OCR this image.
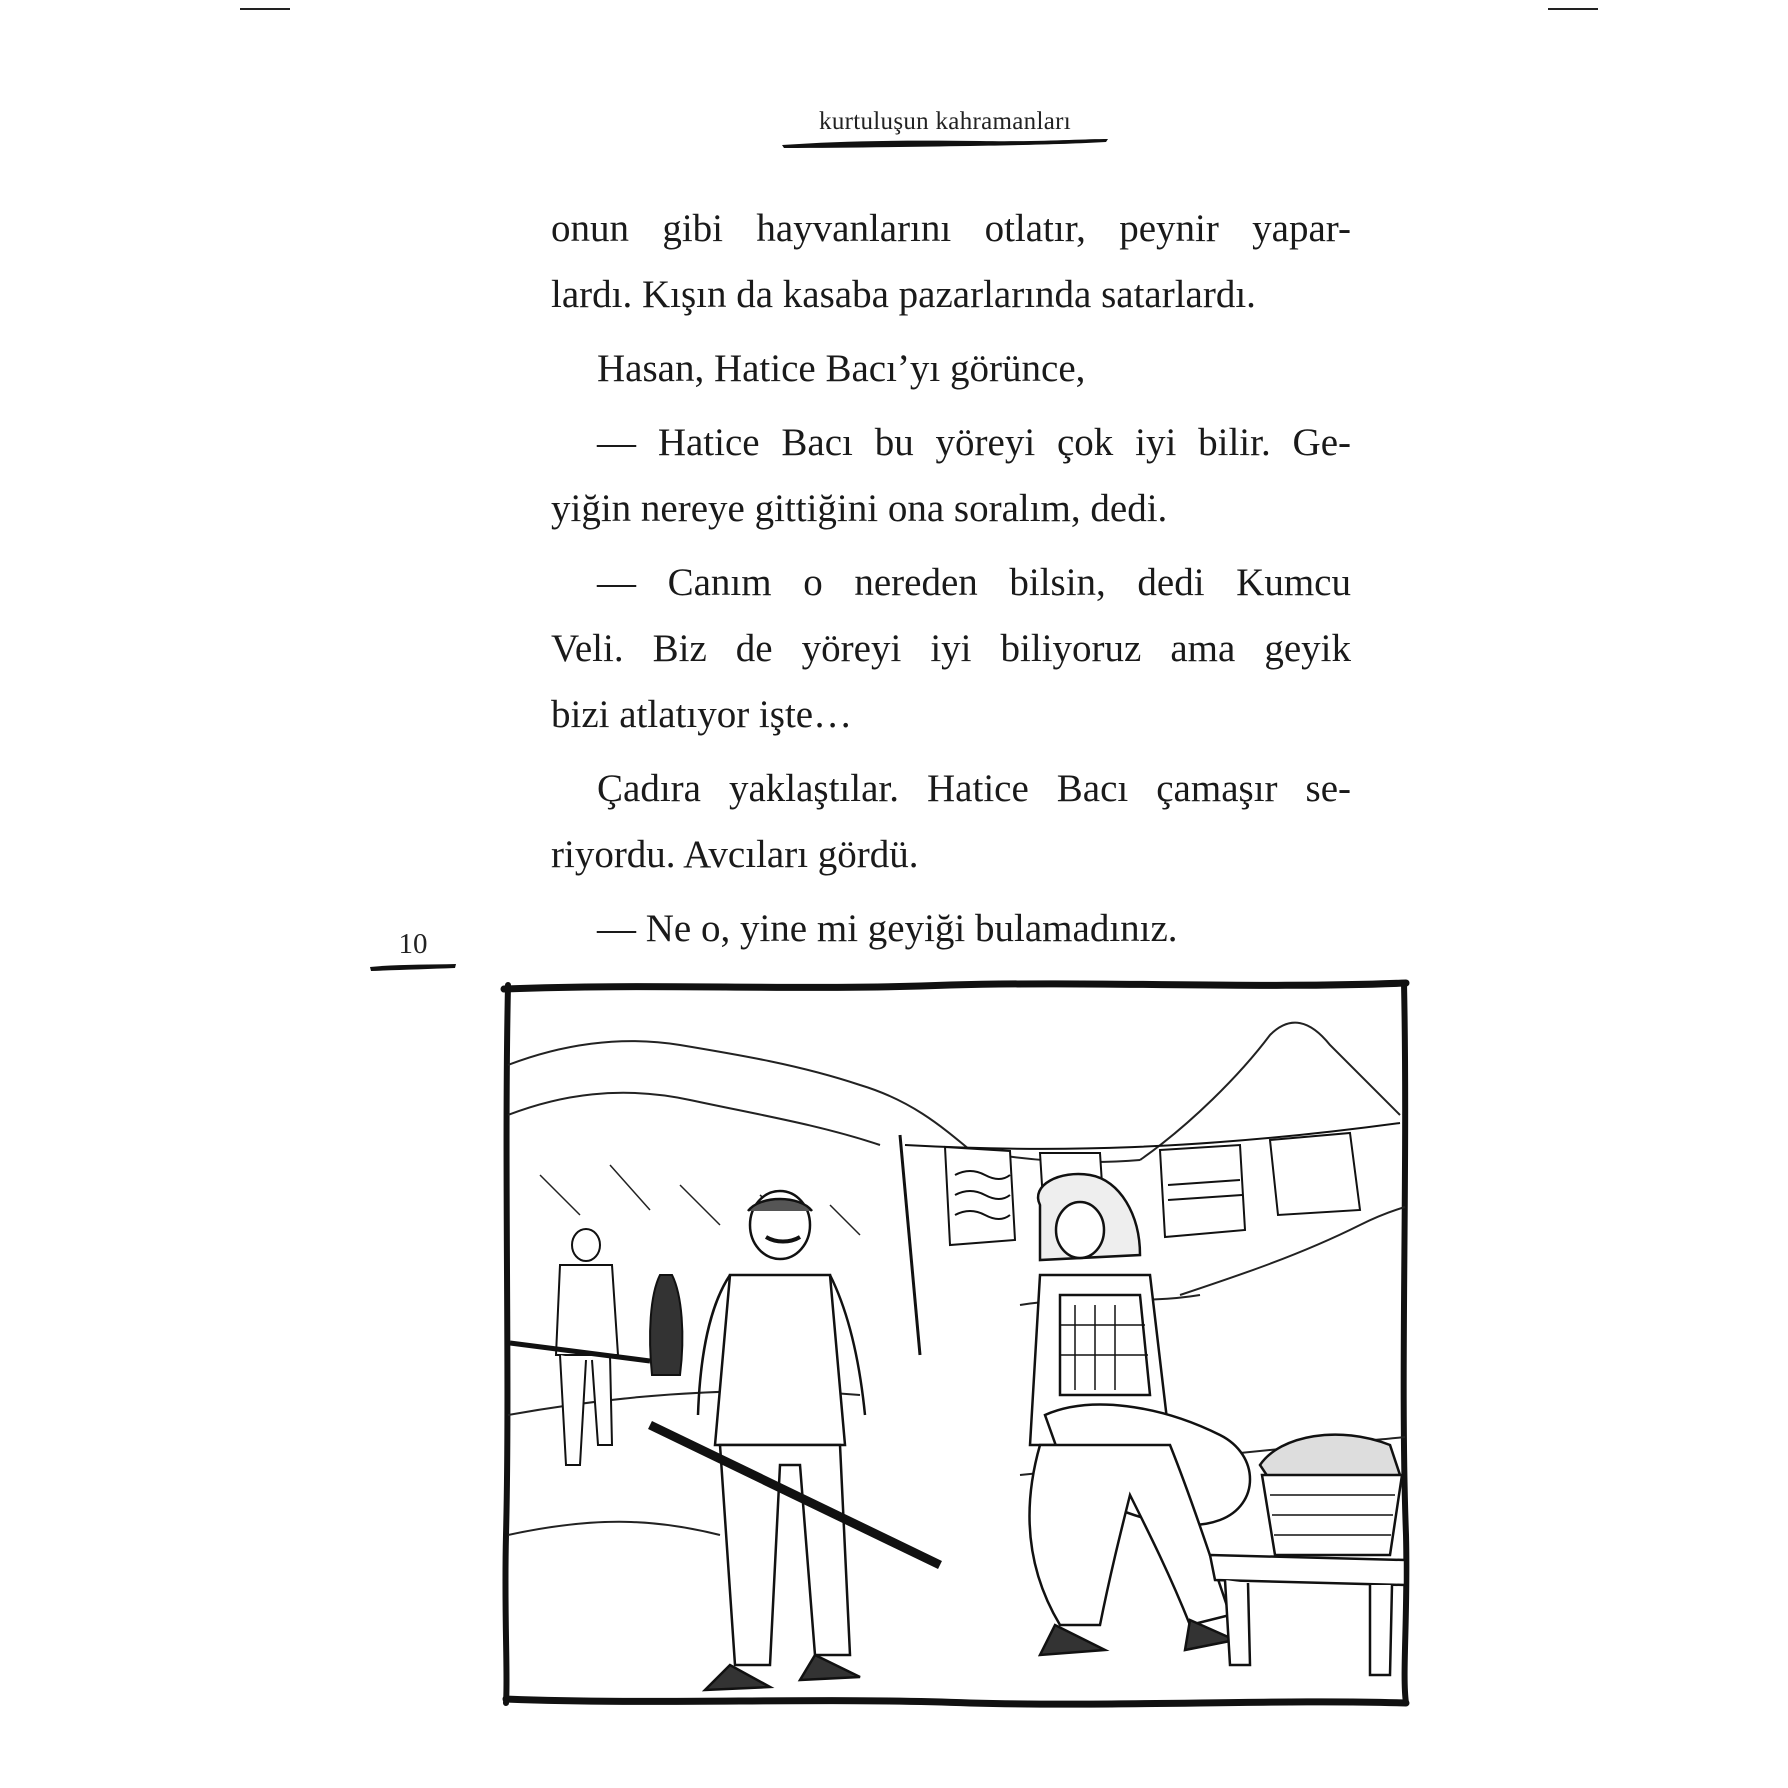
kurtuluşun kahramanları

onun gibi hayvanlarını otlatır, peynir yapar-
lardı. Kışın da kasaba pazarlarında satarlardı.

Hasan, Hatice Bacı’yı görünce,

— Hatice Bacı bu yöreyi çok iyi bilir. Ge-
yiğin nereye gittiğini ona soralım, dedi.

— Canım o nereden bilsin, dedi Kumcu
Veli. Biz de yöreyi iyi biliyoruz ama geyik
bizi atlatıyor işte…

Çadıra yaklaştılar. Hatice Bacı çamaşır se-
riyordu. Avcıları gördü.

— Ne o, yine mi geyiği bulamadınız.

10
